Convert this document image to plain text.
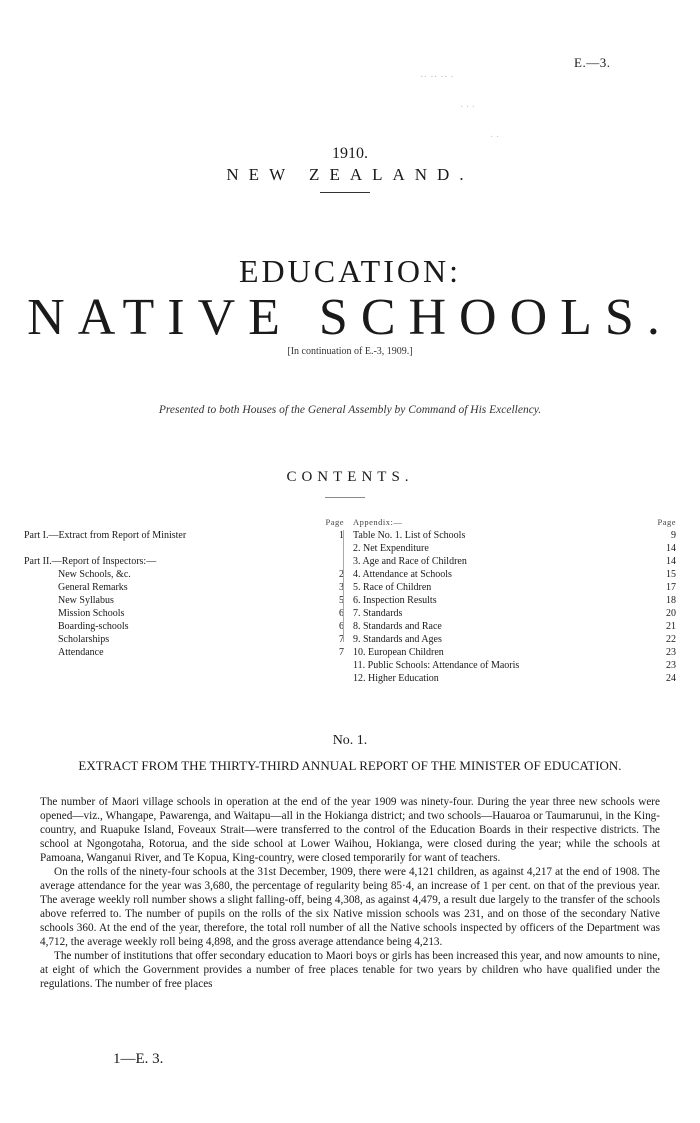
E.—3.
·· ·· ·· ·
· · ·
· ·
1910.
NEW ZEALAND.
EDUCATION:
NATIVE SCHOOLS.
[In continuation of E.-3, 1909.]
Presented to both Houses of the General Assembly by Command of His Excellency.
CONTENTS.
Page
Part I.—Extract from Report of Minister	1
Part II.—Report of Inspectors:—
New Schools, &c.	2
General Remarks	3
New Syllabus	5
Mission Schools	6
Boarding-schools	6
Scholarships	7
Attendance	7
Appendix:—	Page
Table No. 1. List of Schools	9
2. Net Expenditure	14
3. Age and Race of Children	14
4. Attendance at Schools	15
5. Race of Children	17
6. Inspection Results	18
7. Standards	20
8. Standards and Race	21
9. Standards and Ages	22
10. European Children	23
11. Public Schools: Attendance of Maoris	23
12. Higher Education	24
No. 1.
EXTRACT FROM THE THIRTY-THIRD ANNUAL REPORT OF THE MINISTER OF EDUCATION.

The number of Maori village schools in operation at the end of the year 1909 was ninety-four. During the year three new schools were opened—viz., Whangape, Pawarenga, and Waitapu—all in the Hokianga district; and two schools—Hauaroa or Taumarunui, in the King-country, and Ruapuke Island, Foveaux Strait—were transferred to the control of the Education Boards in their respective districts. The school at Ngongotaha, Rotorua, and the side school at Lower Waihou, Hokianga, were closed during the year; while the schools at Pamoana, Wanganui River, and Te Kopua, King-country, were closed temporarily for want of teachers.

On the rolls of the ninety-four schools at the 31st December, 1909, there were 4,121 children, as against 4,217 at the end of 1908. The average attendance for the year was 3,680, the percentage of regularity being 85·4, an increase of 1 per cent. on that of the previous year. The average weekly roll number shows a slight falling-off, being 4,308, as against 4,479, a result due largely to the transfer of the schools above referred to. The number of pupils on the rolls of the six Native mission schools was 231, and on those of the secondary Native schools 360. At the end of the year, therefore, the total roll number of all the Native schools inspected by officers of the Department was 4,712, the average weekly roll being 4,898, and the gross average attendance being 4,213.

The number of institutions that offer secondary education to Maori boys or girls has been increased this year, and now amounts to nine, at eight of which the Government provides a number of free places tenable for two years by children who have qualified under the regulations. The number of free places

1—E. 3.
